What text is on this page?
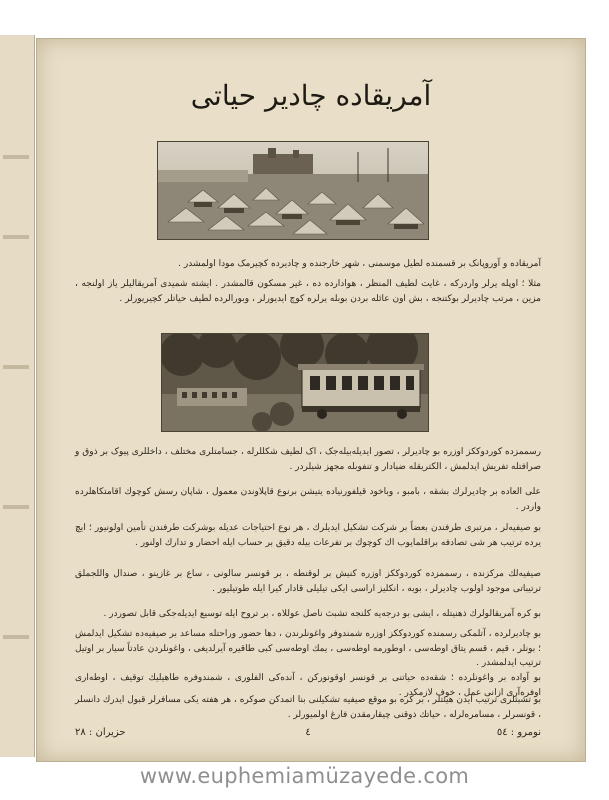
آمریقاده چادیر حیاتی

آمریقاده و آوروپانک بر قسمنده لطیل موسمنی ، شهر خارجنده و چادیرده کچیرمک مودا اولمشدر .

مثلا ؛ اوپله یرلر واردرکه ، غایت لطیف المنظر ، هوادارده ده ، غیر مسکون قالمشدر . ایشته شمیدی آمریقالیلر یاز اولنجه ، مزین ، مرتب چادیرلر بوکتنجه ، بش اون عائله بردن بوبله یرلره کوچ ایدیورلر ، وبورالرده لطیف حیاتلر کچیریورلر .

رسممزده کوردوککز اوزره بو چادیرلر ، تصور ایدیله‌بیله‌جک ، اک لطیف شکللرله ، جسامتلری مختلف ، داخللری پیوک بر ذوق و صرافتله تفریش ایدلمش ، الکتریقله ضیادار و تنفوبله مجهز شیلردر .

علی العاده بر چادیرلرك بشقه ، بامبو ، وباخود قیلفورنیاده یتیشن برنوع قاپلاوندن معمول ، شاپان رسش کوچوك اقامتکاهلرده واردر .

بو صیفیه‌لر ، مرتبری طرفندن بعضاً بر شرکت تشکیل ایدیلرك ، هر نوع احتیاجات عدیله بوشرکت طرفندن تأمین اولونیور ؛ ایچ یرده ترتیب هر شی تصادفه براقلمایوب اك کوچوك بر تفرعات بیله دقیق بر حساب ایله احضار و تدارك اولنور .

صیفیه‌لك مرکزنده ، رسممزده کوردوککز اوزره کنیش بر لوقنطه ، بر قونسر سالونی ، ساع بر غازینو ، صندال واللجملق ترتیباتی موجود اولوب چادیرلر ، بوبه ، انکلیز اراسی ایکی تیلیلی قادار کیرا ایله طوتیلیور .

بو کره آمریقالولرك ذهنیتله ، ایشی بو درجه‌یه کلنجه تشبث ناصل عوللاه ، بر تروح ایله توسیع ایدیله‌جکی قابل تصوردر .

بو چادیرلرده ، آتلمکی رسمنده کوردوککز اوزره شمندوفر واغونلرندن ، دها حضور وراحتله مساعد بر صیفیه‌ده تشکیل ایدلمش ؛ بونلر ، قیم ، قسم یتاق اوطه‌سی ، اوطورمه اوطه‌سی ، یمك اوطه‌سی کبی طاقیره آیرلدیغی ، واغونلردن عادتاً سیار بر اوتیل ترتیب ایدلمشدر .

بو آواده بر واغونلرده ؛ شقه‌ده حیاتنی بر قونسر اوقونورکن ، آنده‌کی الفلوری ، شمندوفره طاهیلیك توقیف ، اوطه‌اری اوفره‌آری ازانی عمل ، خوف لازمکدر .

بو تشبثلری ترتیب ایدن هیئتلر ، بر کره بو موقع صیفیه تشکیلنی بنا اتمدکن صوکره ، هر هفته یکی مسافرلر قبول ایدرك دانسلر ، قونسرلر ، مسامره‌لرله ، حیاتك ذوقنی چیقارمقدن فارغ اولمیورلر .

نومرو : ٥٤
٤
حزیران : ٢٨
www.euphemiamüzayede.com
